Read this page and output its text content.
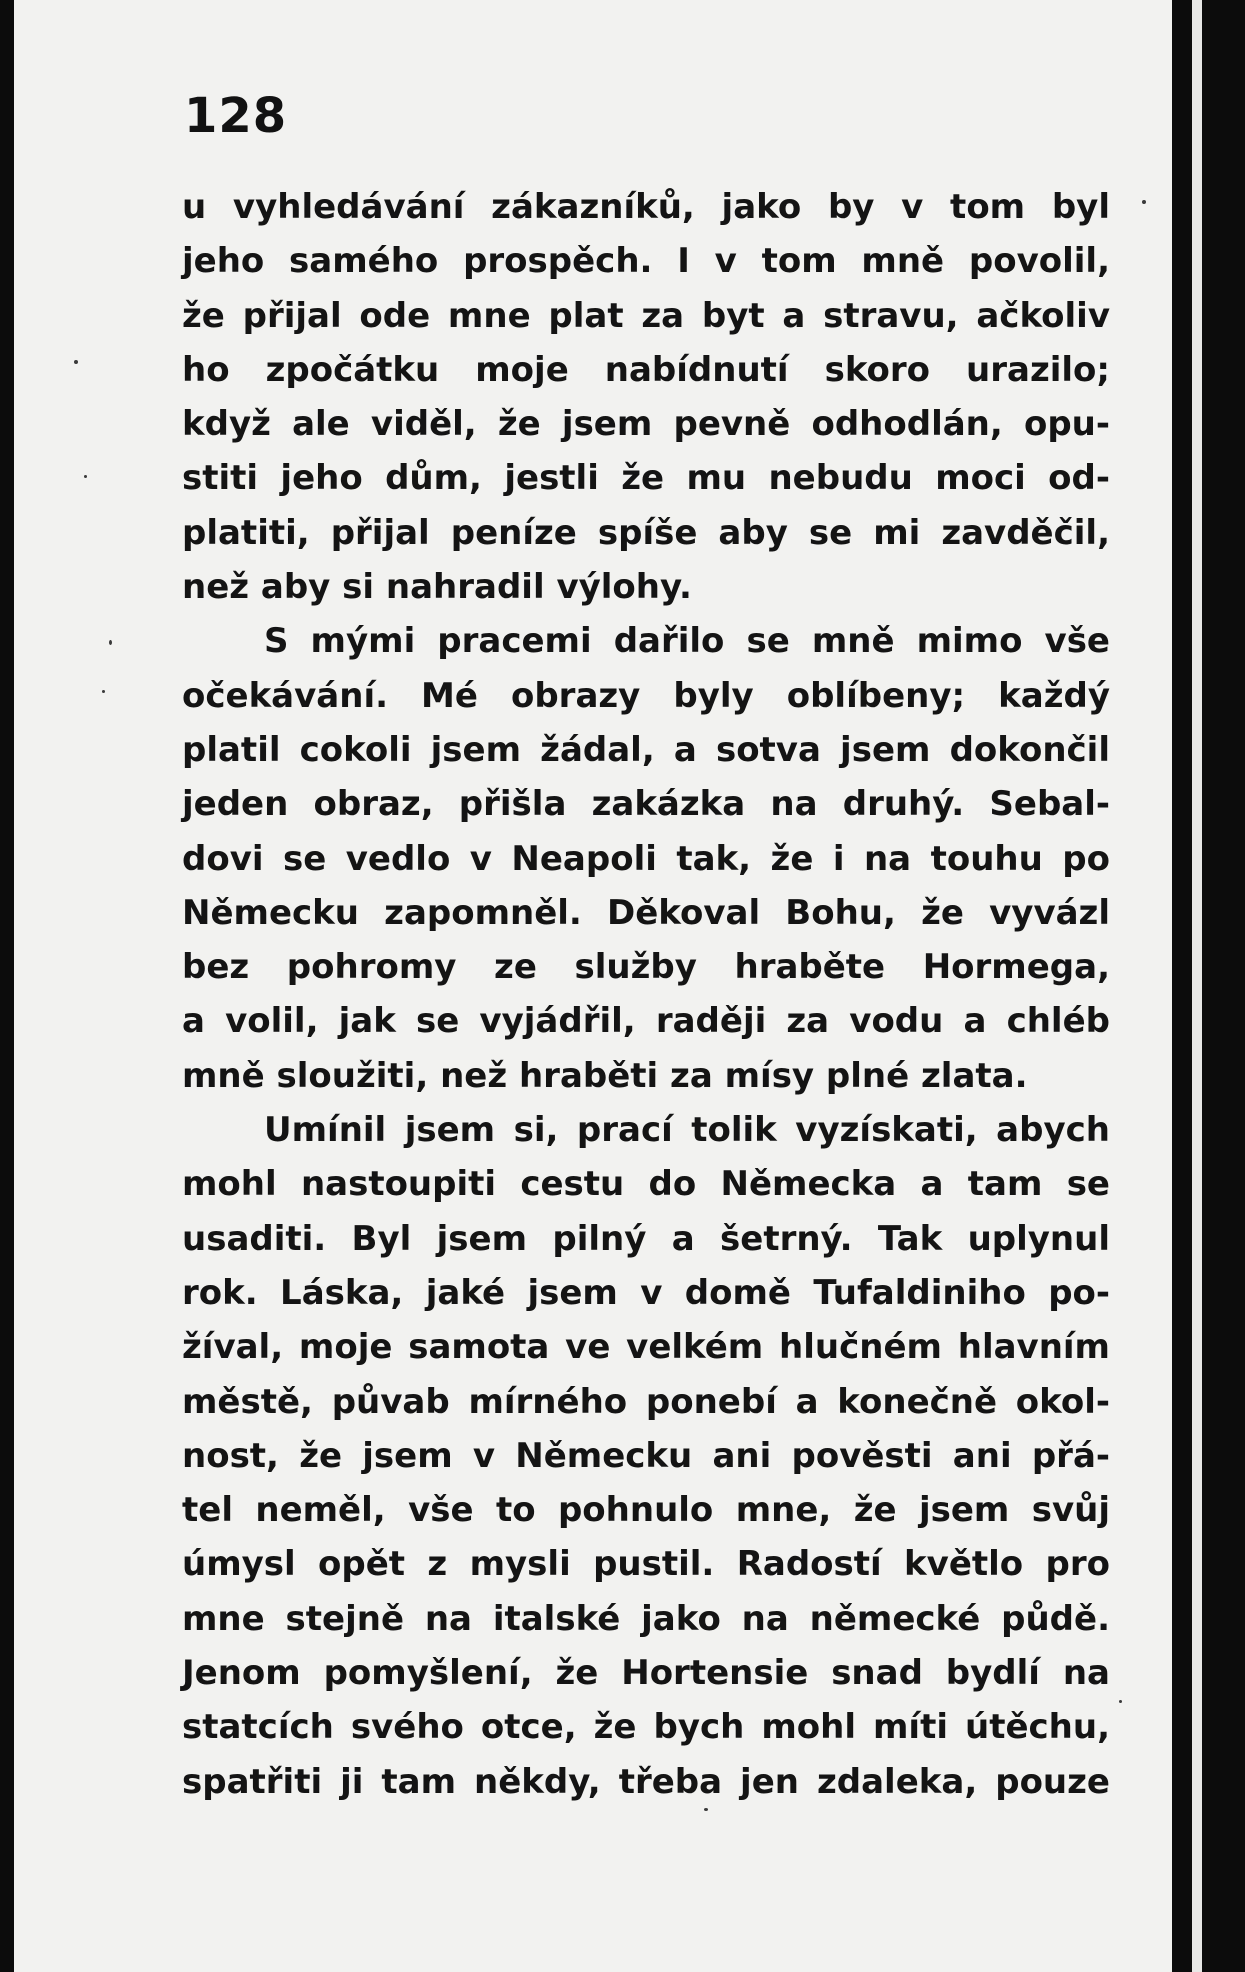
128
u vyhledávání zákazníků, jako by v tom byl
jeho samého prospěch. I v tom mně povolil,
že přijal ode mne plat za byt a stravu, ačkoliv
ho zpočátku moje nabídnutí skoro urazilo;
když ale viděl, že jsem pevně odhodlán, opu-
stiti jeho dům, jestli že mu nebudu moci od-
platiti, přijal peníze spíše aby se mi zavděčil,
než aby si nahradil výlohy.
S mými pracemi dařilo se mně mimo vše
očekávání. Mé obrazy byly oblíbeny; každý
platil cokoli jsem žádal, a sotva jsem dokončil
jeden obraz, přišla zakázka na druhý. Sebal-
dovi se vedlo v Neapoli tak, že i na touhu po
Německu zapomněl. Děkoval Bohu, že vyvázl
bez pohromy ze služby hraběte Hormega,
a volil, jak se vyjádřil, raději za vodu a chléb
mně sloužiti, než hraběti za mísy plné zlata.
Umínil jsem si, prací tolik vyzískati, abych
mohl nastoupiti cestu do Německa a tam se
usaditi. Byl jsem pilný a šetrný. Tak uplynul
rok. Láska, jaké jsem v domě Tufaldiniho po-
žíval, moje samota ve velkém hlučném hlavním
městě, půvab mírného ponebí a konečně okol-
nost, že jsem v Německu ani pověsti ani přá-
tel neměl, vše to pohnulo mne, že jsem svůj
úmysl opět z mysli pustil. Radostí květlo pro
mne stejně na italské jako na německé půdě.
Jenom pomyšlení, že Hortensie snad bydlí na
statcích svého otce, že bych mohl míti útěchu,
spatřiti ji tam někdy, třeba jen zdaleka, pouze
